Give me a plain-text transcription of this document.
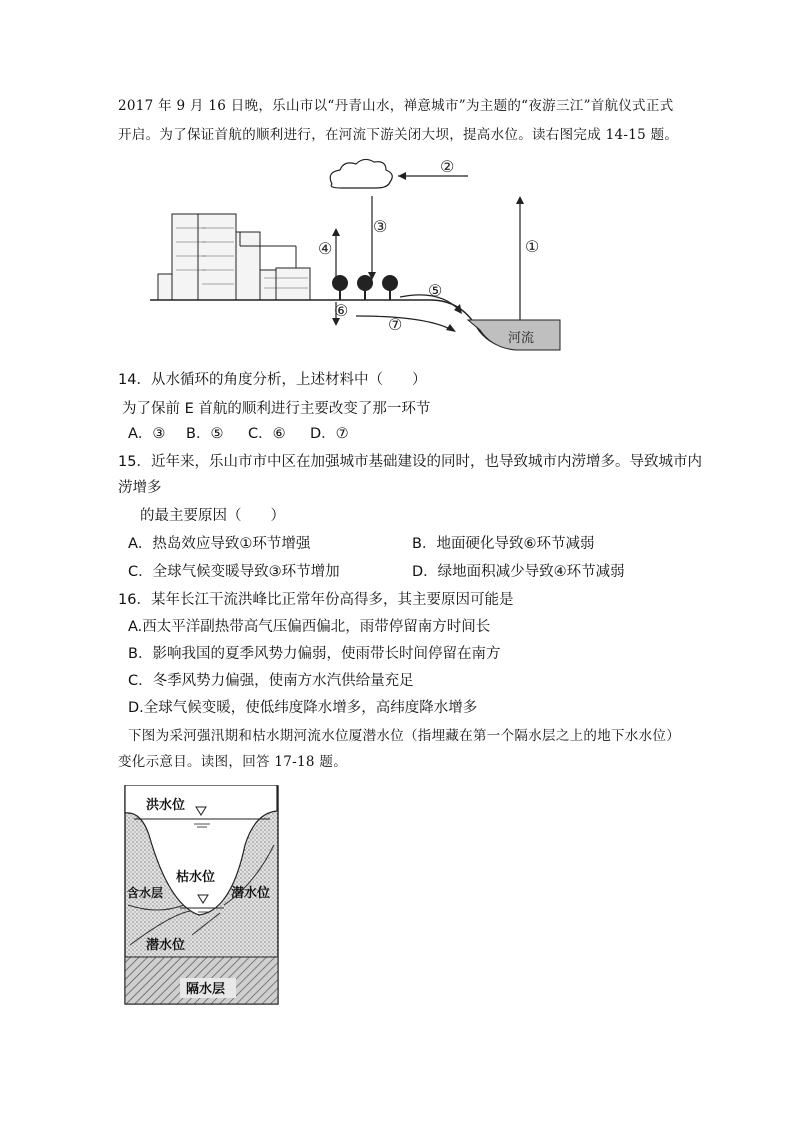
2017 年 9 月 16 日晚，乐山市以“丹青山水，禅意城市”为主题的“夜游三江”首航仪式正式
开启。为了保证首航的顺利进行，在河流下游关闭大坝，提高水位。读右图完成 14-15 题。
河流
①
②
③
④
⑤
⑥
⑦
14．从水循环的角度分析，上述材料中（　　）
为了保前 E 首航的顺利进行主要改变了那一环节
A．③ B．⑤ C．⑥ D．⑦
15．近年来，乐山市市中区在加强城市基础建设的同时，也导致城市内涝增多。导致城市内
涝增多
的最主要原因（　　）
A．热岛效应导致①环节增强	B．地面硬化导致⑥环节减弱
C．全球气候变暖导致③环节增加	D．绿地面积减少导致④环节减弱
16．某年长江干流洪峰比正常年份高得多，其主要原因可能是
A.西太平洋副热带高气压偏西偏北，雨带停留南方时间长
B．影响我国的夏季风势力偏弱，使雨带长时间停留在南方
C．冬季风势力偏强，使南方水汽供给量充足
D.全球气候变暖，使低纬度降水增多，高纬度降水增多
下图为采河强汛期和枯水期河流水位厦潜水位（指埋藏在第一个隔水层之上的地下水水位）
变化示意目。读图，回答 17-18 题。
洪水位
枯水位
含水层	潜水位
潜水位
隔水层
